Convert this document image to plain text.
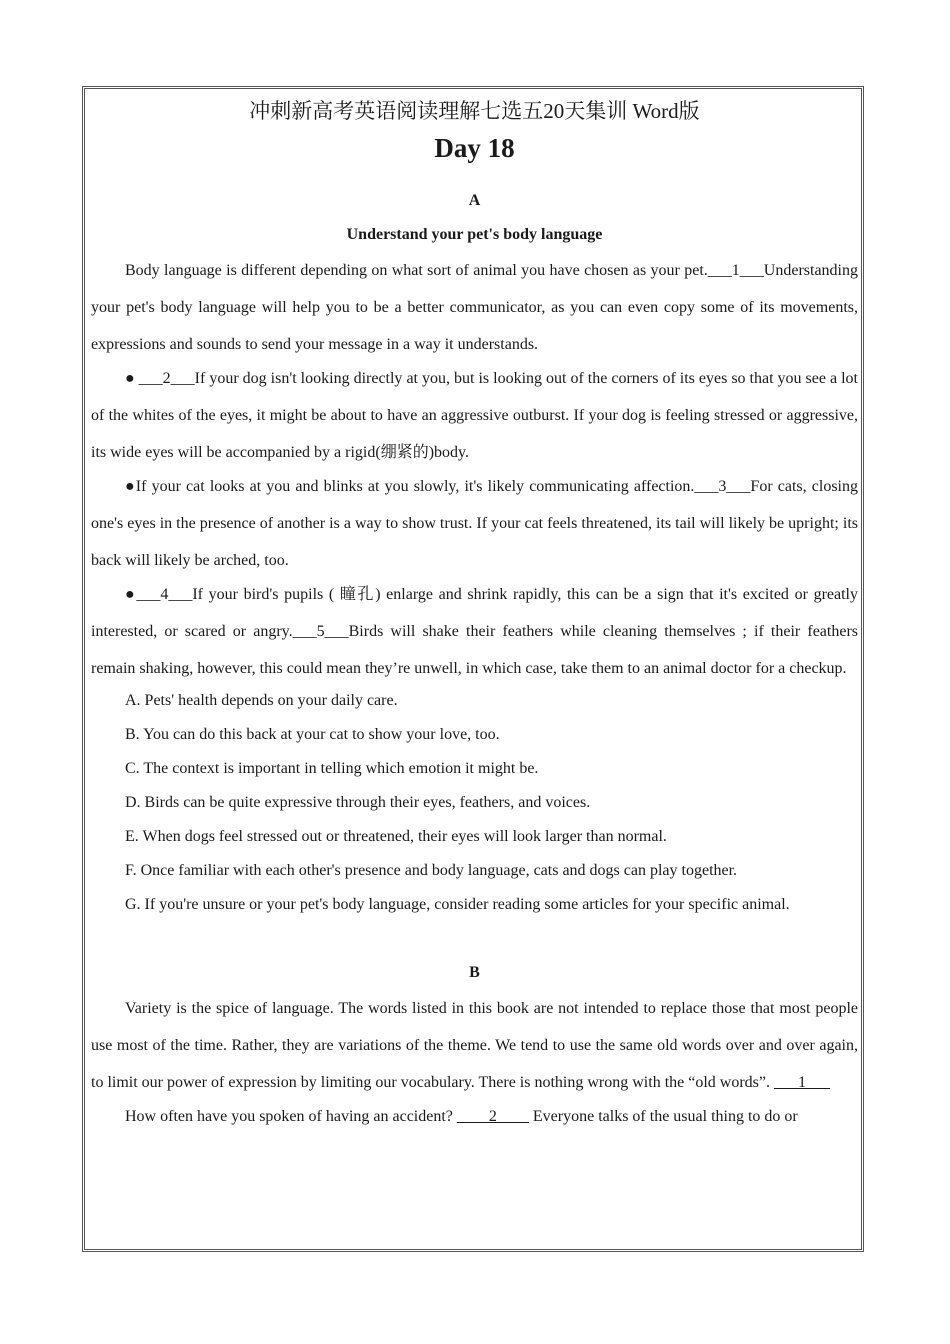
冲刺新高考英语阅读理解七选五20天集训 Word版

Day 18

A

Understand your pet's body language

Body language is different depending on what sort of animal you have chosen as your pet.___1___Understanding your pet's body language will help you to be a better communicator, as you can even copy some of its movements, expressions and sounds to send your message in a way it understands.

● ___2___If your dog isn't looking directly at you, but is looking out of the corners of its eyes so that you see a lot of the whites of the eyes, it might be about to have an aggressive outburst. If your dog is feeling stressed or aggressive, its wide eyes will be accompanied by a rigid(绷紧的)body.

●If your cat looks at you and blinks at you slowly, it's likely communicating affection.___3___For cats, closing one's eyes in the presence of another is a way to show trust. If your cat feels threatened, its tail will likely be upright; its back will likely be arched, too.

●___4___If your bird's pupils ( 瞳孔) enlarge and shrink rapidly, this can be a sign that it's excited or greatly interested, or scared or angry.___5___Birds will shake their feathers while cleaning themselves ; if their feathers remain shaking, however, this could mean they’re unwell, in which case, take them to an animal doctor for a checkup.

A. Pets' health depends on your daily care.

B. You can do this back at your cat to show your love, too.

C. The context is important in telling which emotion it might be.

D. Birds can be quite expressive through their eyes, feathers, and voices.

E. When dogs feel stressed out or threatened, their eyes will look larger than normal.

F. Once familiar with each other's presence and body language, cats and dogs can play together.

G. If you're unsure or your pet's body language, consider reading some articles for your specific animal.

B

Variety is the spice of language. The words listed in this book are not intended to replace those that most people use most of the time. Rather, they are variations of the theme. We tend to use the same old words over and over again, to limit our power of expression by limiting our vocabulary. There is nothing wrong with the “old words”. ___1___

How often have you spoken of having an accident? ____2____ Everyone talks of the usual thing to do or
